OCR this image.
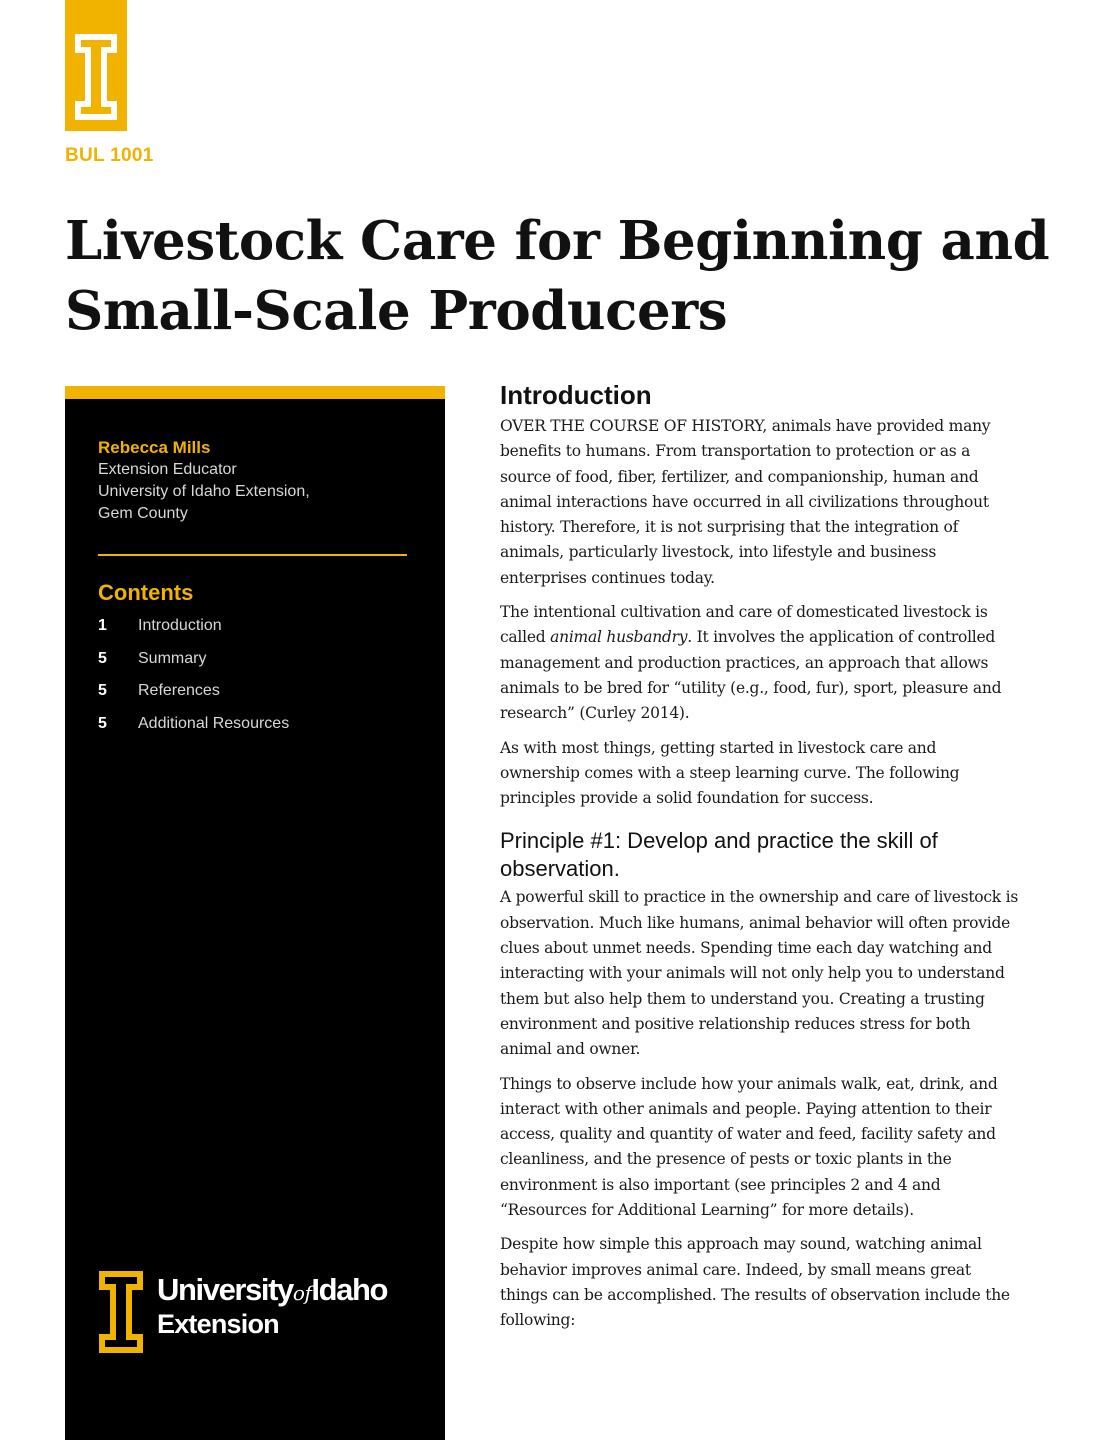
BUL 1001
Livestock Care for Beginning and Small-Scale Producers
Rebecca Mills
Extension Educator
University of Idaho Extension,
Gem County
Contents
1 Introduction
5 Summary
5 References
5 Additional Resources
UniversityofIdaho
Extension
Introduction

OVER THE COURSE OF HISTORY, animals have provided many benefits to humans. From transportation to protection or as a source of food, fiber, fertilizer, and companionship, human and animal interactions have occurred in all civilizations throughout history. Therefore, it is not surprising that the integration of animals, particularly livestock, into lifestyle and business enterprises continues today.

The intentional cultivation and care of domesticated livestock is called animal husbandry. It involves the application of controlled management and production practices, an approach that allows animals to be bred for “utility (e.g., food, fur), sport, pleasure and research” (Curley 2014).

As with most things, getting started in livestock care and ownership comes with a steep learning curve. The following principles provide a solid foundation for success.

Principle #1: Develop and practice the skill of observation.

A powerful skill to practice in the ownership and care of livestock is observation. Much like humans, animal behavior will often provide clues about unmet needs. Spending time each day watching and interacting with your animals will not only help you to understand them but also help them to understand you. Creating a trusting environment and positive relationship reduces stress for both animal and owner.

Things to observe include how your animals walk, eat, drink, and interact with other animals and people. Paying attention to their access, quality and quantity of water and feed, facility safety and cleanliness, and the presence of pests or toxic plants in the environment is also important (see principles 2 and 4 and “Resources for Additional Learning” for more details).

Despite how simple this approach may sound, watching animal behavior improves animal care. Indeed, by small means great things can be accomplished. The results of observation include the following:
